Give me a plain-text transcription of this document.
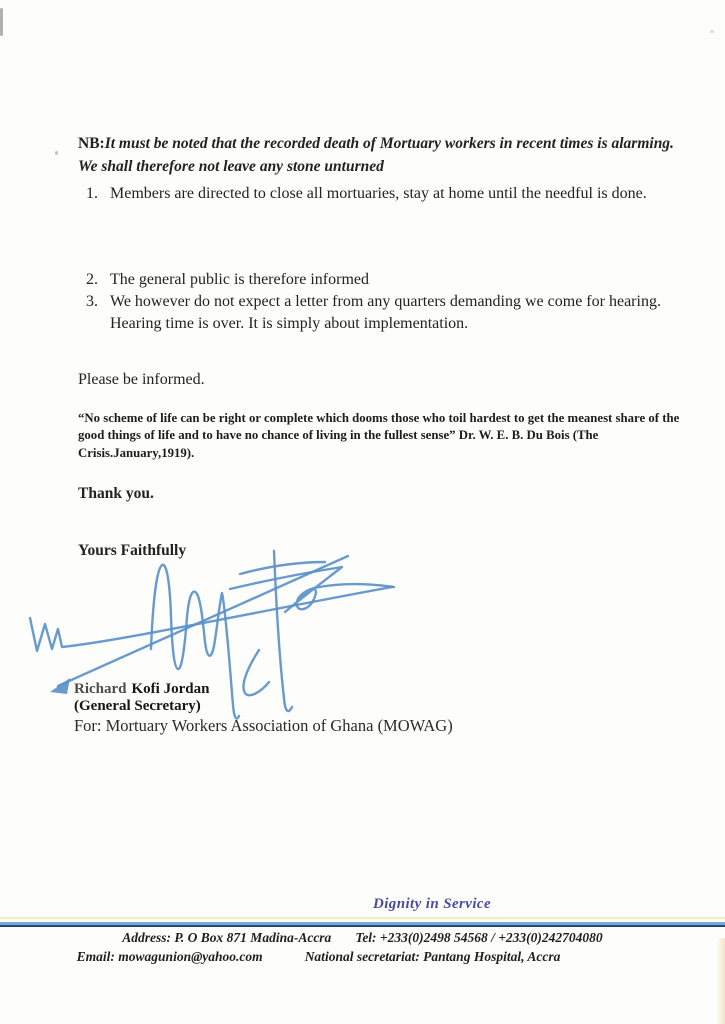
NB:It must be noted that the recorded death of Mortuary workers in recent times is alarming. We shall therefore not leave any stone unturned

1. Members are directed to close all mortuaries, stay at home until the needful is done.
2. The general public is therefore informed
3. We however do not expect a letter from any quarters demanding we come for hearing. Hearing time is over. It is simply about implementation.

Please be informed.

“No scheme of life can be right or complete which dooms those who toil hardest to get the meanest share of the good things of life and to have no chance of living in the fullest sense” Dr. W. E. B. Du Bois (The Crisis.January,1919).

Thank you.

Yours Faithfully

Richard Kofi Jordan
(General Secretary)
For: Mortuary Workers Association of Ghana (MOWAG)
Dignity in Service
Address: P. O Box 871 Madina-Accra Tel: +233(0)2498 54568 / +233(0)242704080
Email: mowagunion@yahoo.com	National secretariat: Pantang Hospital, Accra
